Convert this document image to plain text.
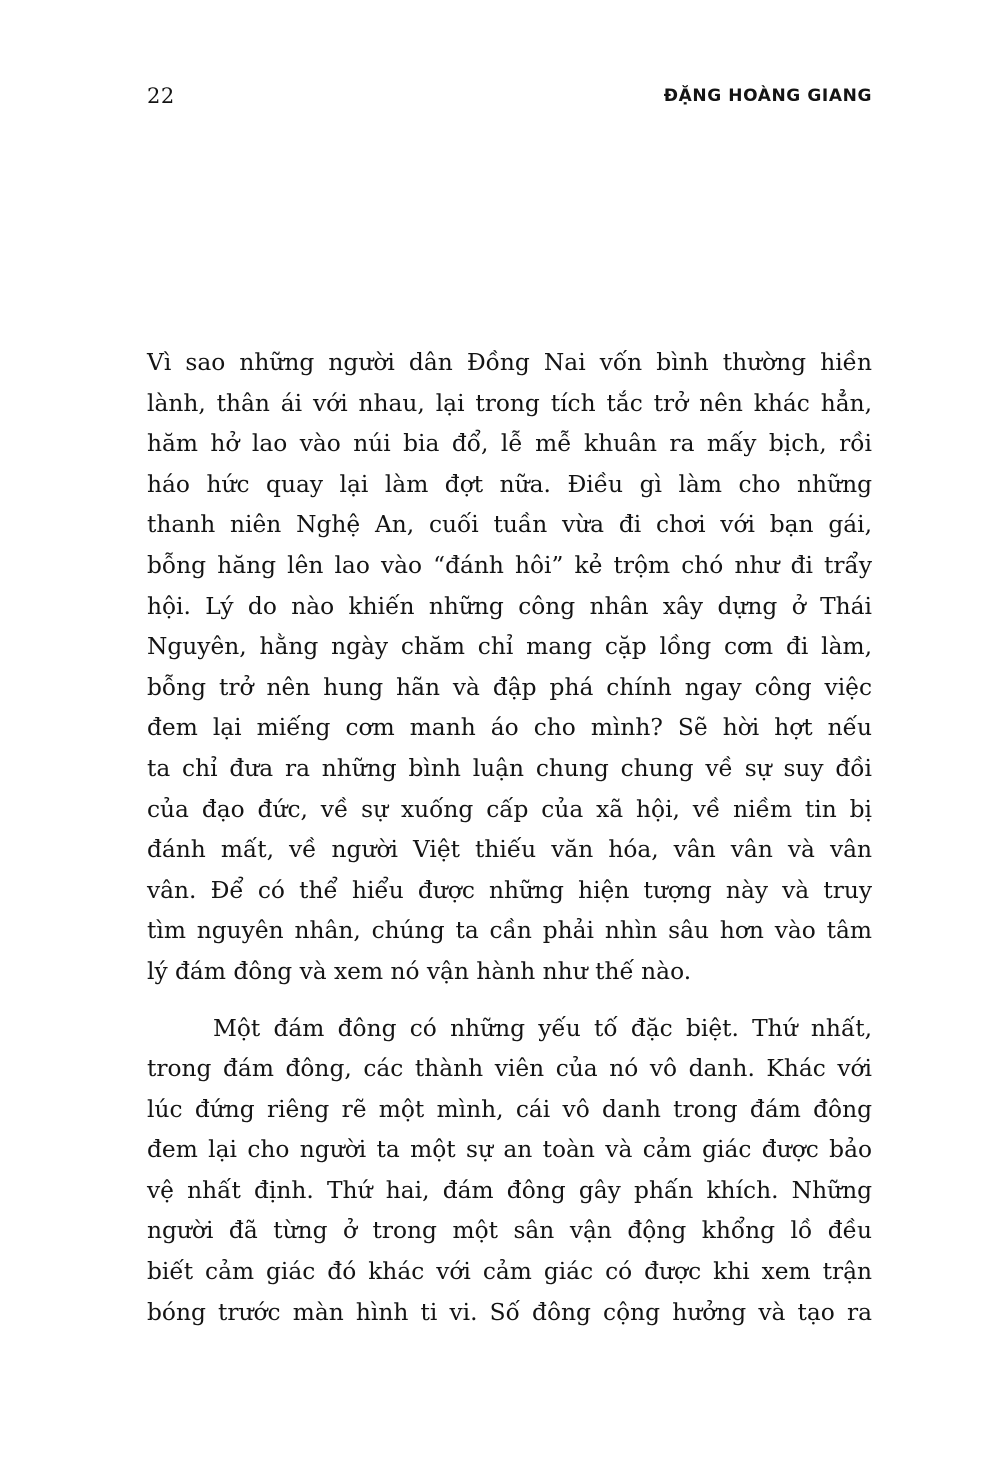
22	ĐẶNG HOÀNG GIANG

Vì sao những người dân Đồng Nai vốn bình thường hiền
lành, thân ái với nhau, lại trong tích tắc trở nên khác hẳn,
hăm hở lao vào núi bia đổ, lễ mễ khuân ra mấy bịch, rồi
háo hức quay lại làm đợt nữa. Điều gì làm cho những
thanh niên Nghệ An, cuối tuần vừa đi chơi với bạn gái,
bỗng hăng lên lao vào “đánh hôi” kẻ trộm chó như đi trẩy
hội. Lý do nào khiến những công nhân xây dựng ở Thái
Nguyên, hằng ngày chăm chỉ mang cặp lồng cơm đi làm,
bỗng trở nên hung hãn và đập phá chính ngay công việc
đem lại miếng cơm manh áo cho mình? Sẽ hời hợt nếu
ta chỉ đưa ra những bình luận chung chung về sự suy đồi
của đạo đức, về sự xuống cấp của xã hội, về niềm tin bị
đánh mất, về người Việt thiếu văn hóa, vân vân và vân
vân. Để có thể hiểu được những hiện tượng này và truy
tìm nguyên nhân, chúng ta cần phải nhìn sâu hơn vào tâm
lý đám đông và xem nó vận hành như thế nào.

Một đám đông có những yếu tố đặc biệt. Thứ nhất,
trong đám đông, các thành viên của nó vô danh. Khác với
lúc đứng riêng rẽ một mình, cái vô danh trong đám đông
đem lại cho người ta một sự an toàn và cảm giác được bảo
vệ nhất định. Thứ hai, đám đông gây phấn khích. Những
người đã từng ở trong một sân vận động khổng lồ đều
biết cảm giác đó khác với cảm giác có được khi xem trận
bóng trước màn hình ti vi. Số đông cộng hưởng và tạo ra
